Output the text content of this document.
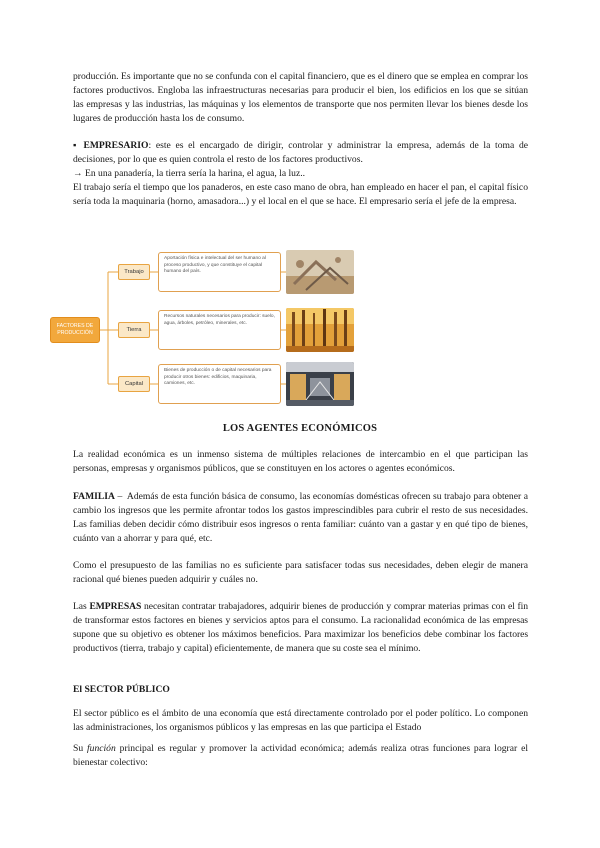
producción. Es importante que no se confunda con el capital financiero, que es el dinero que se emplea en comprar los factores productivos. Engloba las infraestructuras necesarias para producir el bien, los edificios en los que se sitúan las empresas y las industrias, las máquinas y los elementos de transporte que nos permiten llevar los bienes desde los lugares de producción hasta los de consumo.

▪ EMPRESARIO: este es el encargado de dirigir, controlar y administrar la empresa, además de la toma de decisiones, por lo que es quien controla el resto de los factores productivos.

→ En una panadería, la tierra sería la harina, el agua, la luz..

El trabajo sería el tiempo que los panaderos, en este caso mano de obra, han empleado en hacer el pan, el capital físico sería toda la maquinaria (horno, amasadora...) y el local en el que se hace. El empresario sería el jefe de la empresa.

FACTORES DE PRODUCCIÓN
Trabajo
Tierra
Capital
Aportación física e intelectual del ser humano al proceso productivo, y que constituye el capital humano del país.
Recursos naturales necesarios para producir: suelo, agua, árboles, petróleo, minerales, etc.
Bienes de producción o de capital necesarios para producir otros bienes: edificios, maquinaria, camiones, etc.
LOS AGENTES ECONÓMICOS

La realidad económica es un inmenso sistema de múltiples relaciones de intercambio en el que participan las personas, empresas y organismos públicos, que se constituyen en los actores o agentes económicos.

FAMILIA – Además de esta función básica de consumo, las economías domésticas ofrecen su trabajo para obtener a cambio los ingresos que les permite afrontar todos los gastos imprescindibles para cubrir el resto de sus necesidades. Las familias deben decidir cómo distribuir esos ingresos o renta familiar: cuánto van a gastar y en qué tipo de bienes, cuánto van a ahorrar y para qué, etc.

Como el presupuesto de las familias no es suficiente para satisfacer todas sus necesidades, deben elegir de manera racional qué bienes pueden adquirir y cuáles no.

Las EMPRESAS necesitan contratar trabajadores, adquirir bienes de producción y comprar materias primas con el fin de transformar estos factores en bienes y servicios aptos para el consumo. La racionalidad económica de las empresas supone que su objetivo es obtener los máximos beneficios. Para maximizar los beneficios debe combinar los factores productivos (tierra, trabajo y capital) eficientemente, de manera que su coste sea el mínimo.

El SECTOR PÚBLICO

El sector público es el ámbito de una economía que está directamente controlado por el poder político. Lo componen las administraciones, los organismos públicos y las empresas en las que participa el Estado

Su función principal es regular y promover la actividad económica; además realiza otras funciones para lograr el bienestar colectivo:
